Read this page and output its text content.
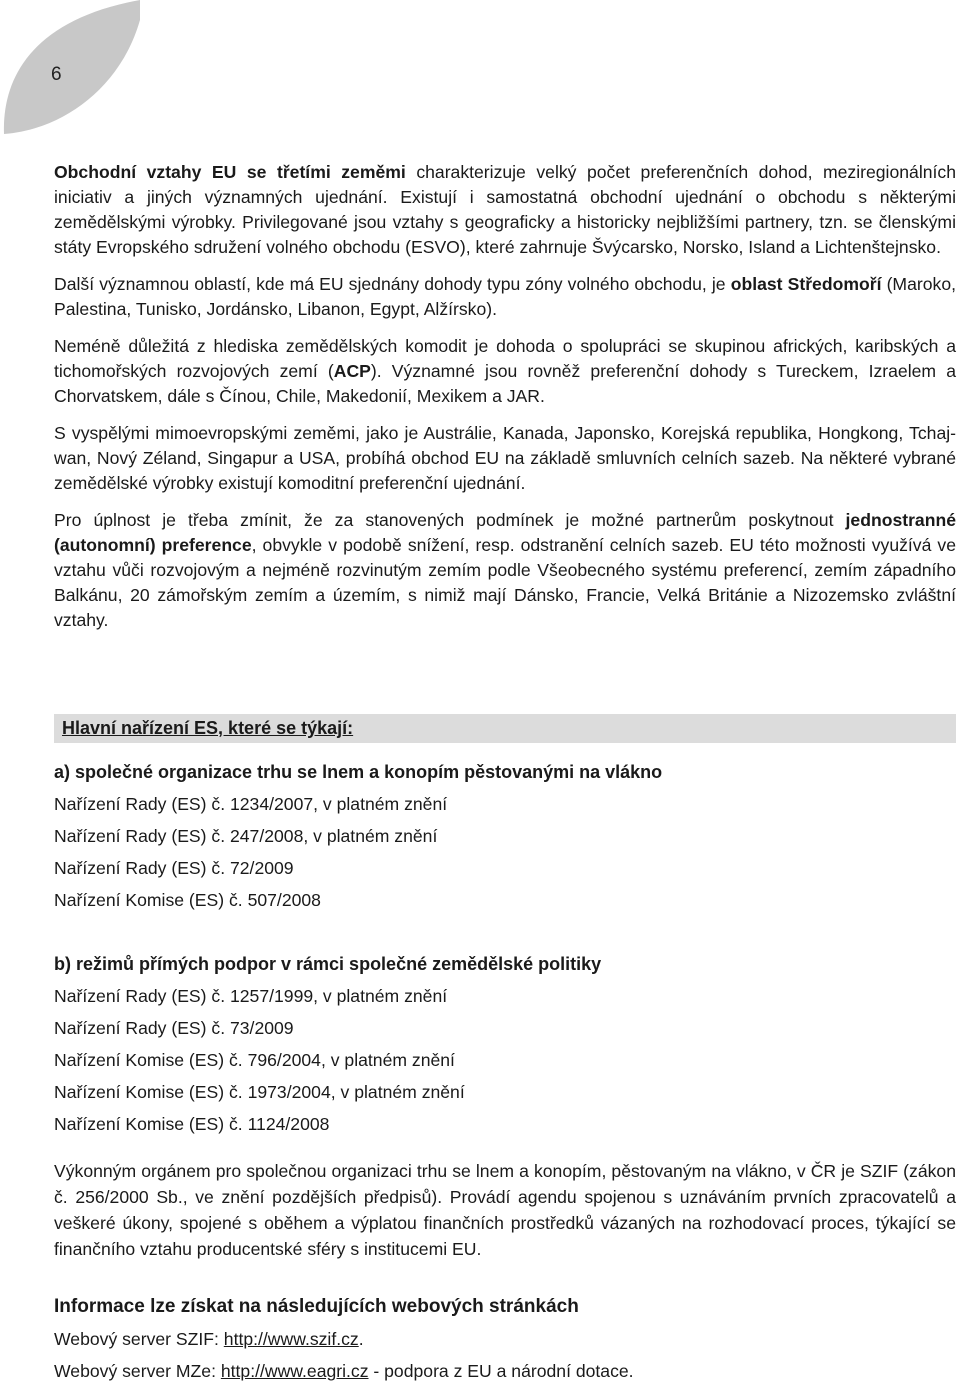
6

Obchodní vztahy EU se třetími zeměmi charakterizuje velký počet preferenčních dohod, meziregionálních iniciativ a jiných významných ujednání. Existují i samostatná obchodní ujednání o obchodu s některými zemědělskými výrobky. Privilegované jsou vztahy s geograficky a historicky nejbližšími partnery, tzn. se členskými státy Evropského sdružení volného obchodu (ESVO), které zahrnuje Švýcarsko, Norsko, Island a Lichtenštejnsko.

Další významnou oblastí, kde má EU sjednány dohody typu zóny volného obchodu, je oblast Středomoří (Maroko, Palestina, Tunisko, Jordánsko, Libanon, Egypt, Alžírsko).

Neméně důležitá z hlediska zemědělských komodit je dohoda o spolupráci se skupinou afrických, karibských a tichomořských rozvojových zemí (ACP). Významné jsou rovněž preferenční dohody s Tureckem, Izraelem a Chorvatskem, dále s Čínou, Chile, Makedonií, Mexikem a JAR.

S vyspělými mimoevropskými zeměmi, jako je Austrálie, Kanada, Japonsko, Korejská republika, Hongkong, Tchaj-wan, Nový Zéland, Singapur a USA, probíhá obchod EU na základě smluvních celních sazeb. Na některé vybrané zemědělské výrobky existují komoditní preferenční ujednání.

Pro úplnost je třeba zmínit, že za stanovených podmínek je možné partnerům poskytnout jednostranné (autonomní) preference, obvykle v podobě snížení, resp. odstranění celních sazeb. EU této možnosti využívá ve vztahu vůči rozvojovým a nejméně rozvinutým zemím podle Všeobecného systému preferencí, zemím západního Balkánu, 20 zámořským zemím a územím, s nimiž mají Dánsko, Francie, Velká Británie a Nizozemsko zvláštní vztahy.

Hlavní nařízení ES, které se týkají:
a) společné organizace trhu se lnem a konopím pěstovanými na vlákno
Nařízení Rady (ES) č. 1234/2007, v platném znění
Nařízení Rady (ES) č. 247/2008, v platném znění
Nařízení Rady (ES) č. 72/2009
Nařízení Komise (ES) č. 507/2008
b) režimů přímých podpor v rámci společné zemědělské politiky
Nařízení Rady (ES) č. 1257/1999, v platném znění
Nařízení Rady (ES) č. 73/2009
Nařízení Komise (ES) č. 796/2004, v platném znění
Nařízení Komise (ES) č. 1973/2004, v platném znění
Nařízení Komise (ES) č. 1124/2008
Výkonným orgánem pro společnou organizaci trhu se lnem a konopím, pěstovaným na vlákno, v ČR je SZIF (zákon č. 256/2000 Sb., ve znění pozdějších předpisů). Provádí agendu spojenou s uznáváním prvních zpracovatelů a veškeré úkony, spojené s oběhem a výplatou finančních prostředků vázaných na rozhodovací proces, týkající se finančního vztahu producentské sféry s institucemi EU.
Informace lze získat na následujících webových stránkách
Webový server SZIF: http://www.szif.cz.
Webový server MZe: http://www.eagri.cz - podpora z EU a národní dotace.
